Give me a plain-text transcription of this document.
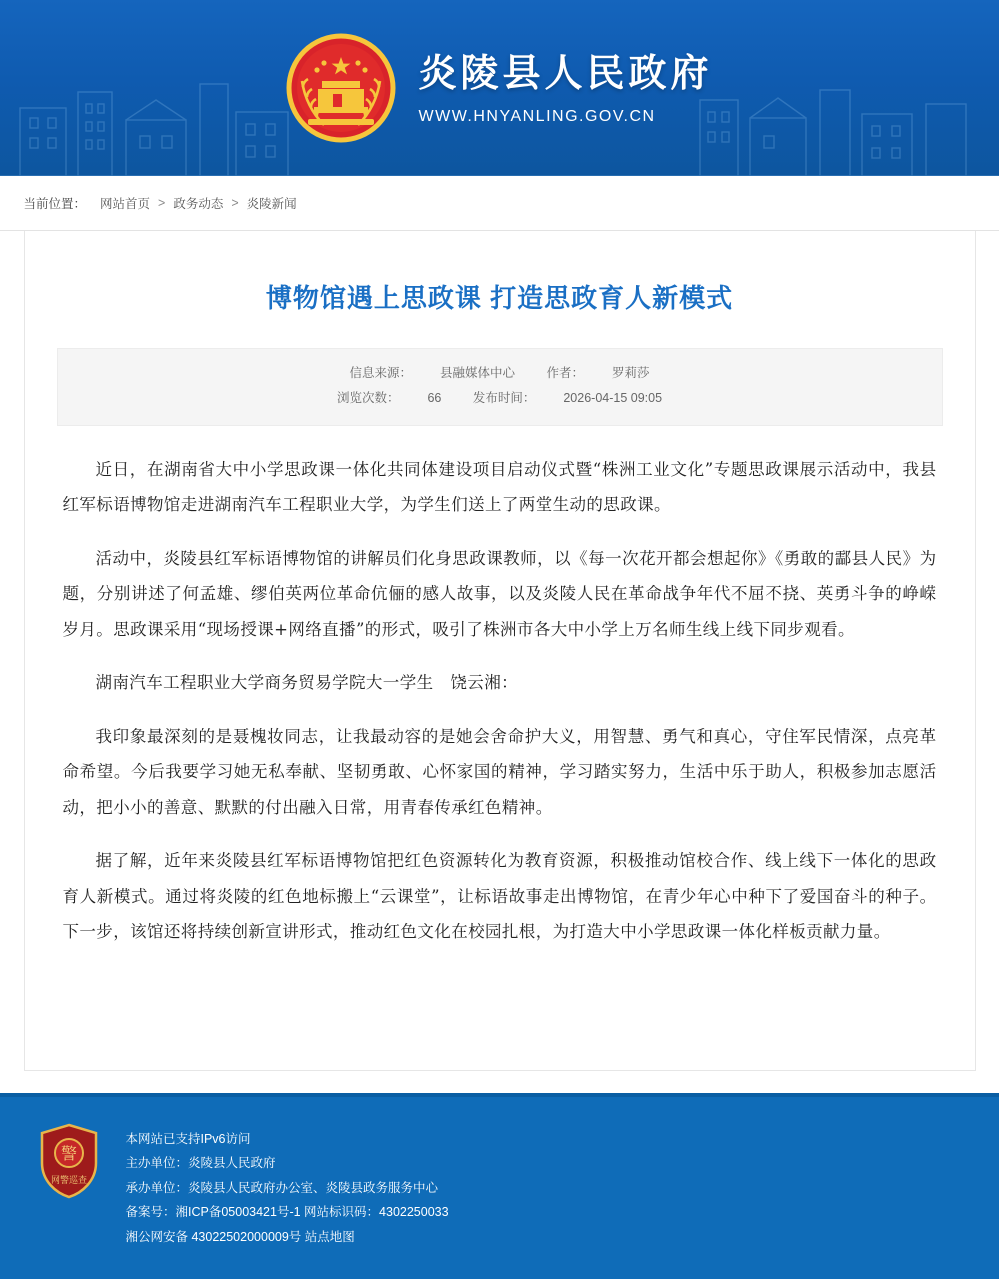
炎陵县人民政府
WWW.HNYANLING.GOV.CN
当前位置： 网站首页 > 政务动态 > 炎陵新闻
博物馆遇上思政课 打造思政育人新模式
信息来源： 县融媒体中心	作者： 罗莉莎
浏览次数： 66	发布时间： 2026-04-15 09:05

近日，在湖南省大中小学思政课一体化共同体建设项目启动仪式暨“株洲工业文化”专题思政课展示活动中，我县红军标语博物馆走进湖南汽车工程职业大学，为学生们送上了两堂生动的思政课。

活动中，炎陵县红军标语博物馆的讲解员们化身思政课教师，以《每一次花开都会想起你》《勇敢的酃县人民》为题，分别讲述了何孟雄、缪伯英两位革命伉俪的感人故事，以及炎陵人民在革命战争年代不屈不挠、英勇斗争的峥嵘岁月。思政课采用“现场授课+网络直播”的形式，吸引了株洲市各大中小学上万名师生线上线下同步观看。

湖南汽车工程职业大学商务贸易学院大一学生　饶云湘：

我印象最深刻的是聂槐妆同志，让我最动容的是她会舍命护大义，用智慧、勇气和真心，守住军民情深，点亮革命希望。今后我要学习她无私奉献、坚韧勇敢、心怀家国的精神，学习踏实努力，生活中乐于助人，积极参加志愿活动，把小小的善意、默默的付出融入日常，用青春传承红色精神。

据了解，近年来炎陵县红军标语博物馆把红色资源转化为教育资源，积极推动馆校合作、线上线下一体化的思政育人新模式。通过将炎陵的红色地标搬上“云课堂”，让标语故事走出博物馆，在青少年心中种下了爱国奋斗的种子。下一步，该馆还将持续创新宣讲形式，推动红色文化在校园扎根，为打造大中小学思政课一体化样板贡献力量。

警
网警巡查
本网站已支持IPv6访问
主办单位：炎陵县人民政府
承办单位：炎陵县人民政府办公室、炎陵县政务服务中心
备案号：湘ICP备05003421号-1 网站标识码：4302250033
湘公网安备 43022502000009号 站点地图
